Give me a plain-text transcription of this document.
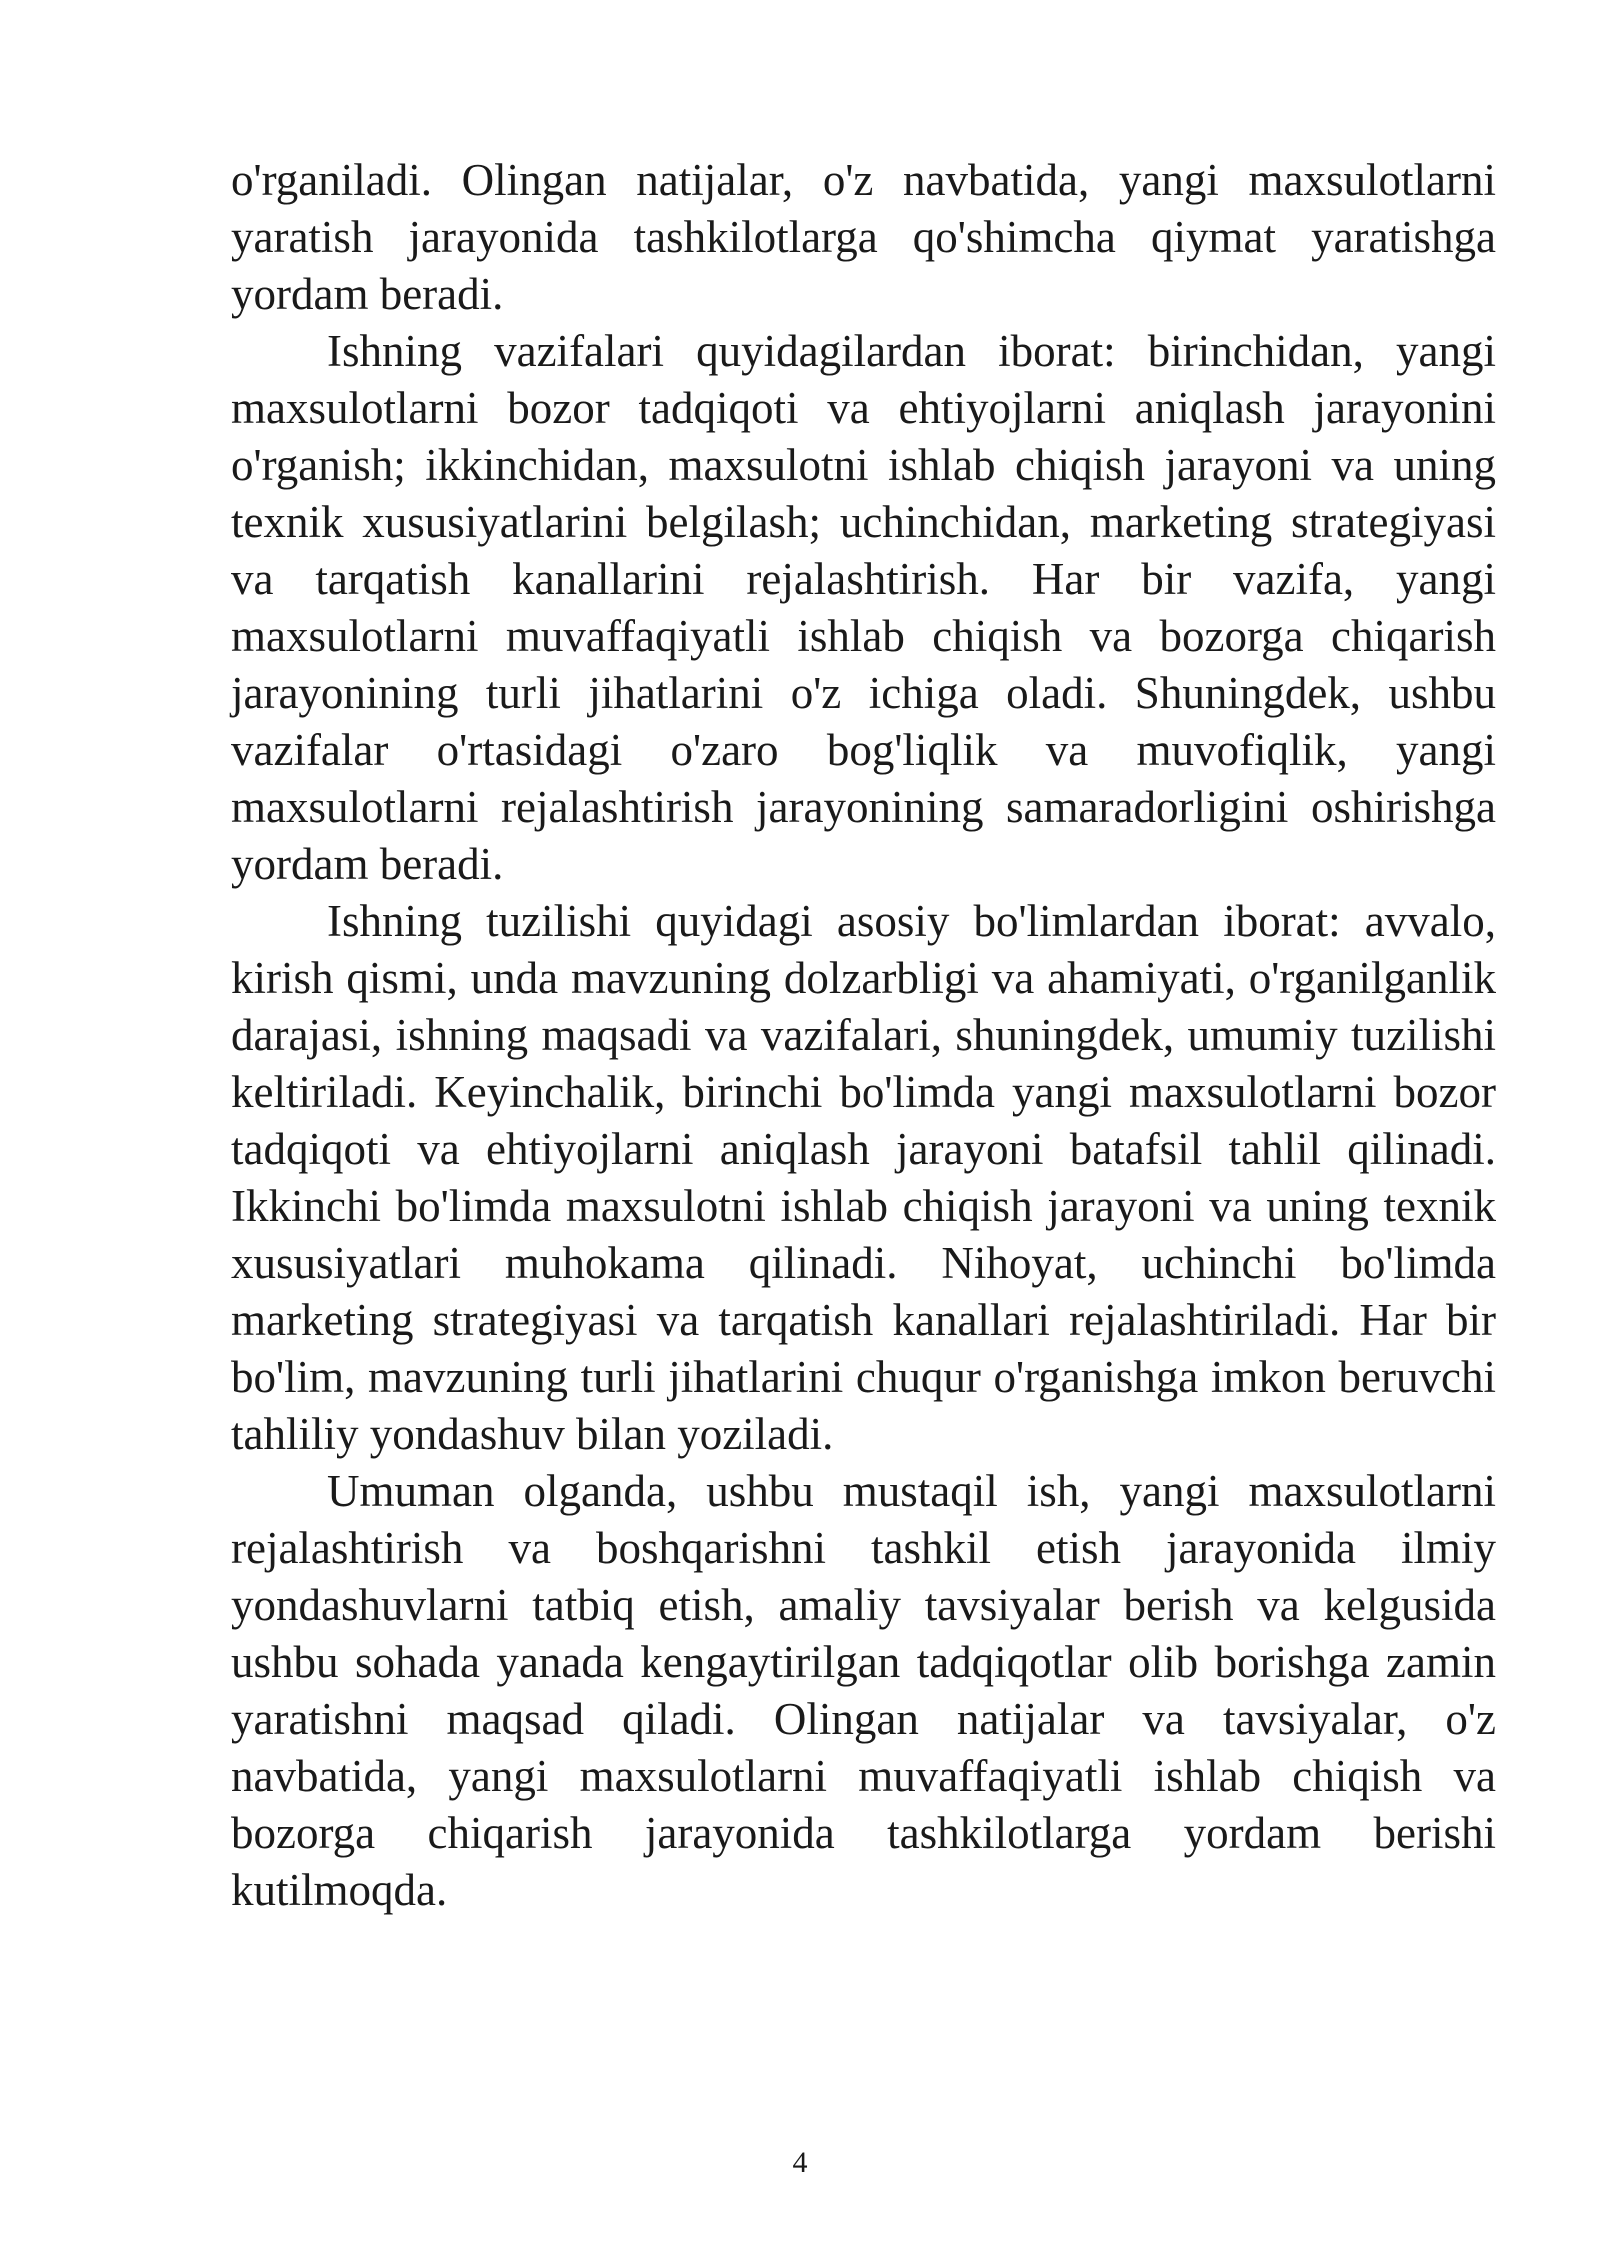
o'rganiladi. Olingan natijalar, o'z navbatida, yangi maxsulotlarni yaratish jarayonida tashkilotlarga qo'shimcha qiymat yaratishga yordam beradi.

Ishning vazifalari quyidagilardan iborat: birinchidan, yangi maxsulotlarni bozor tadqiqoti va ehtiyojlarni aniqlash jarayonini o'rganish; ikkinchidan, maxsulotni ishlab chiqish jarayoni va uning texnik xususiyatlarini belgilash; uchinchidan, marketing strategiyasi va tarqatish kanallarini rejalashtirish. Har bir vazifa, yangi maxsulotlarni muvaffaqiyatli ishlab chiqish va bozorga chiqarish jarayonining turli jihatlarini o'z ichiga oladi. Shuningdek, ushbu vazifalar o'rtasidagi o'zaro bog'liqlik va muvofiqlik, yangi maxsulotlarni rejalashtirish jarayonining samaradorligini oshirishga yordam beradi.

Ishning tuzilishi quyidagi asosiy bo'limlardan iborat: avvalo, kirish qismi, unda mavzuning dolzarbligi va ahamiyati, o'rganilganlik darajasi, ishning maqsadi va vazifalari, shuningdek, umumiy tuzilishi keltiriladi. Keyinchalik, birinchi bo'limda yangi maxsulotlarni bozor tadqiqoti va ehtiyojlarni aniqlash jarayoni batafsil tahlil qilinadi. Ikkinchi bo'limda maxsulotni ishlab chiqish jarayoni va uning texnik xususiyatlari muhokama qilinadi. Nihoyat, uchinchi bo'limda marketing strategiyasi va tarqatish kanallari rejalashtiriladi. Har bir bo'lim, mavzuning turli jihatlarini chuqur o'rganishga imkon beruvchi tahliliy yondashuv bilan yoziladi.

Umuman olganda, ushbu mustaqil ish, yangi maxsulotlarni rejalashtirish va boshqarishni tashkil etish jarayonida ilmiy yondashuvlarni tatbiq etish, amaliy tavsiyalar berish va kelgusida ushbu sohada yanada kengaytirilgan tadqiqotlar olib borishga zamin yaratishni maqsad qiladi. Olingan natijalar va tavsiyalar, o'z navbatida, yangi maxsulotlarni muvaffaqiyatli ishlab chiqish va bozorga chiqarish jarayonida tashkilotlarga yordam berishi kutilmoqda.

4
